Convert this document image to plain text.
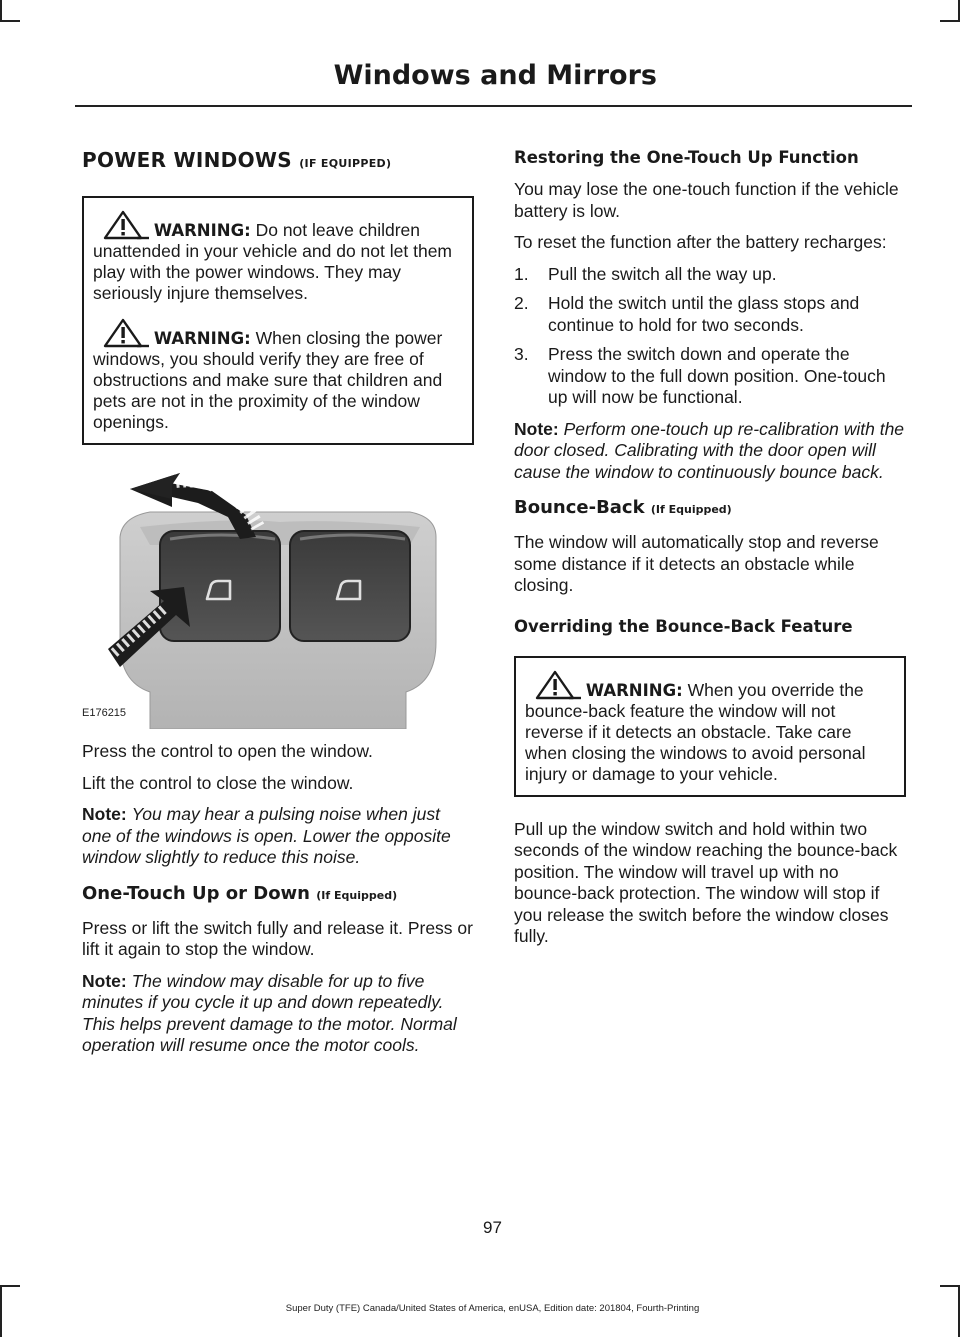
Windows and Mirrors
POWER WINDOWS (IF EQUIPPED)

WARNING: Do not leave children unattended in your vehicle and do not let them play with the power windows. They may seriously injure themselves.

WARNING: When closing the power windows, you should verify they are free of obstructions and make sure that children and pets are not in the proximity of the window openings.

E176215

Press the control to open the window.

Lift the control to close the window.

Note: You may hear a pulsing noise when just one of the windows is open. Lower the opposite window slightly to reduce this noise.

One-Touch Up or Down (If Equipped)

Press or lift the switch fully and release it. Press or lift it again to stop the window.

Note: The window may disable for up to five minutes if you cycle it up and down repeatedly. This helps prevent damage to the motor. Normal operation will resume once the motor cools.

Restoring the One-Touch Up Function

You may lose the one-touch function if the vehicle battery is low.

To reset the function after the battery recharges:

1. Pull the switch all the way up.
2. Hold the switch until the glass stops and continue to hold for two seconds.
3. Press the switch down and operate the window to the full down position. One-touch up will now be functional.

Note: Perform one-touch up re-calibration with the door closed. Calibrating with the door open will cause the window to continuously bounce back.

Bounce-Back (If Equipped)

The window will automatically stop and reverse some distance if it detects an obstacle while closing.

Overriding the Bounce-Back Feature

WARNING: When you override the bounce-back feature the window will not reverse if it detects an obstacle. Take care when closing the windows to avoid personal injury or damage to your vehicle.

Pull up the window switch and hold within two seconds of the window reaching the bounce-back position. The window will travel up with no bounce-back protection. The window will stop if you release the switch before the window closes fully.

97
Super Duty (TFE) Canada/United States of America, enUSA, Edition date: 201804, Fourth-Printing
